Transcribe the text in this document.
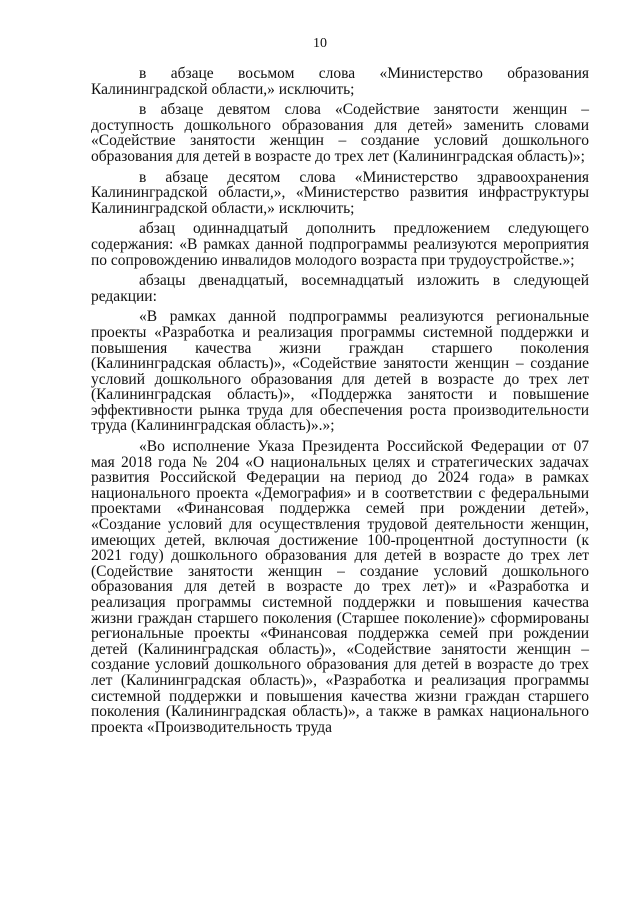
10

в абзаце восьмом слова «Министерство образования Калининградской области,» исключить;

в абзаце девятом слова «Содействие занятости женщин – доступность дошкольного образования для детей» заменить словами «Содействие занятости женщин – создание условий дошкольного образования для детей в возрасте до трех лет (Калининградская область)»;

в абзаце десятом слова «Министерство здравоохранения Калининградской области,», «Министерство развития инфраструктуры Калининградской области,» исключить;

абзац одиннадцатый дополнить предложением следующего содержания: «В рамках данной подпрограммы реализуются мероприятия по сопровождению инвалидов молодого возраста при трудоустройстве.»;

абзацы двенадцатый, восемнадцатый изложить в следующей редакции:

«В рамках данной подпрограммы реализуются региональные проекты «Разработка и реализация программы системной поддержки и повышения качества жизни граждан старшего поколения (Калининградская область)», «Содействие занятости женщин – создание условий дошкольного образования для детей в возрасте до трех лет (Калининградская область)», «Поддержка занятости и повышение эффективности рынка труда для обеспечения роста производительности труда (Калининградская область)».»;

«Во исполнение Указа Президента Российской Федерации от 07 мая 2018 года № 204 «О национальных целях и стратегических задачах развития Российской Федерации на период до 2024 года» в рамках национального проекта «Демография» и в соответствии с федеральными проектами «Финансовая поддержка семей при рождении детей», «Создание условий для осуществления трудовой деятельности женщин, имеющих детей, включая достижение 100-процентной доступности (к 2021 году) дошкольного образования для детей в возрасте до трех лет (Содействие занятости женщин – создание условий дошкольного образования для детей в возрасте до трех лет)» и «Разработка и реализация программы системной поддержки и повышения качества жизни граждан старшего поколения (Старшее поколение)» сформированы региональные проекты «Финансовая поддержка семей при рождении детей (Калининградская область)», «Содействие занятости женщин – создание условий дошкольного образования для детей в возрасте до трех лет (Калининградская область)», «Разработка и реализация программы системной поддержки и повышения качества жизни граждан старшего поколения (Калининградская область)», а также в рамках национального проекта «Производительность труда
